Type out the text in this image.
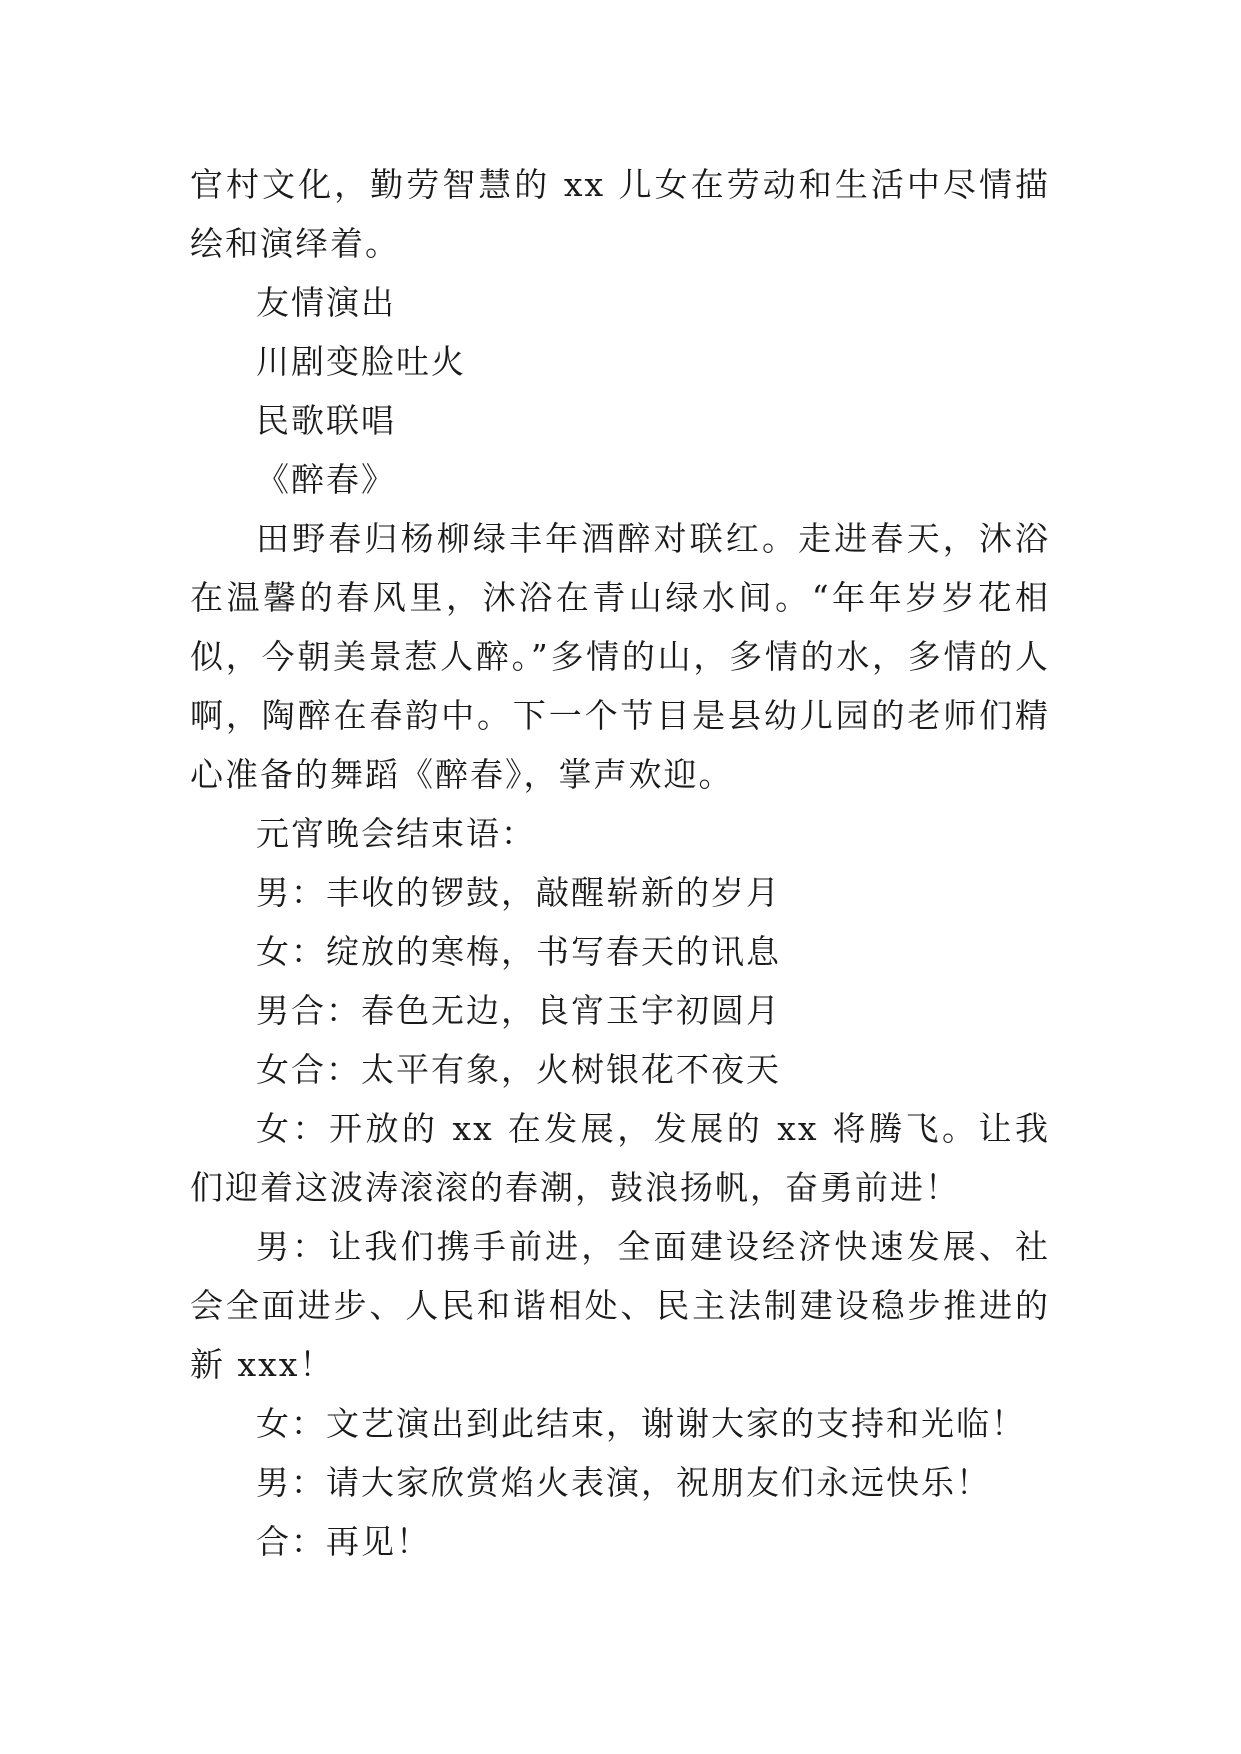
官村文化，勤劳智慧的 xx 儿女在劳动和生活中尽情描绘和演绎着。

友情演出

川剧变脸吐火

民歌联唱

《醉春》

田野春归杨柳绿丰年酒醉对联红。走进春天，沐浴在温馨的春风里，沐浴在青山绿水间。“年年岁岁花相似，今朝美景惹人醉。”多情的山，多情的水，多情的人啊，陶醉在春韵中。下一个节目是县幼儿园的老师们精心准备的舞蹈《醉春》，掌声欢迎。

元宵晚会结束语：

男：丰收的锣鼓，敲醒崭新的岁月

女：绽放的寒梅，书写春天的讯息

男合：春色无边，良宵玉宇初圆月

女合：太平有象，火树银花不夜天

女：开放的 xx 在发展，发展的 xx 将腾飞。让我们迎着这波涛滚滚的春潮，鼓浪扬帆，奋勇前进！

男：让我们携手前进，全面建设经济快速发展、社会全面进步、人民和谐相处、民主法制建设稳步推进的新 xxx！

女：文艺演出到此结束，谢谢大家的支持和光临！

男：请大家欣赏焰火表演，祝朋友们永远快乐！

合：再见！
